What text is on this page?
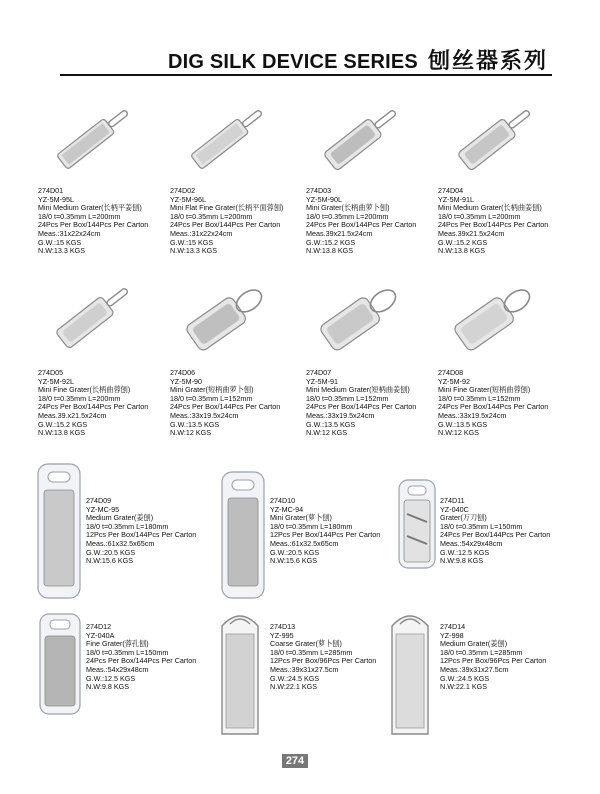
DIG SILK DEVICE SERIES 刨丝器系列
274D01
YZ-5M-95L
Mini Medium Grater(长柄平姜刨)
18/0 t=0.35mm L=200mm
24Pcs Per Box/144Pcs Per Carton
Meas.:31x22x24cm
G.W.:15 KGS
N.W:13.3 KGS
274D02
YZ-5M-96L
Mini Flat Fine Grater(长柄平面蓉刨)
18/0 t=0.35mm L=200mm
24Pcs Per Box/144Pcs Per Carton
Meas.:31x22x24cm
G.W.:15 KGS
N.W:13.3 KGS
274D03
YZ-5M-90L
Mini Grater(长柄曲萝卜刨)
18/0 t=0.35mm L=200mm
24Pcs Per Box/144Pcs Per Carton
Meas.39x21.5x24cm
G.W.:15.2 KGS
N.W:13.8 KGS
274D04
YZ-5M-91L
Mini Medium Grater(长柄曲姜刨)
18/0 t=0.35mm L=200mm
24Pcs Per Box/144Pcs Per Carton
Meas.39x21.5x24cm
G.W.:15.2 KGS
N.W:13.8 KGS
274D05
YZ-5M-92L
Mini Fine Grater(长柄曲蓉刨)
18/0 t=0.35mm L=200mm
24Pcs Per Box/144Pcs Per Carton
Meas.39.x21.5x24cm
G.W.:15.2 KGS
N.W:13.8 KGS
274D06
YZ-5M-90
Mini Grater(短柄曲萝卜刨)
18/0 t=0.35mm L=152mm
24Pcs Per Box/144Pcs Per Carton
Meas.:33x19.5x24cm
G.W.:13.5 KGS
N.W:12 KGS
274D07
YZ-5M-91
Mini Medium Grater(短柄曲姜刨)
18/0 t=0.35mm L=152mm
24Pcs Per Box/144Pcs Per Carton
Meas.:33x19.5x24cm
G.W.:13.5 KGS
N.W:12 KGS
274D08
YZ-5M-92
Mini Fine Grater(短柄曲蓉刨)
18/0 t=0.35mm L=152mm
24Pcs Per Box/144Pcs Per Carton
Meas.:33x19.5x24cm
G.W.:13.5 KGS
N.W:12 KGS
274D09
YZ-MC-95
Medium Grater(姜刨)
18/0 t=0.35mm L=180mm
12Pcs Per Box/144Pcs Per Carton
Meas.:61x32.5x65cm
G.W.:20.5 KGS
N.W:15.6 KGS
274D10
YZ-MC-94
Mini Grater(萝卜刨)
18/0 t=0.35mm L=180mm
12Pcs Per Box/144Pcs Per Carton
Meas.:61x32.5x65cm
G.W.:20.5 KGS
N.W:15.6 KGS
274D11
YZ-040C
Grater(万刀刨)
18/0 t=0.35mm L=150mm
24Pcs Per Box/144Pcs Per Carton
Meas.:54x29x48cm
G.W.:12.5 KGS
N.W:9.8 KGS
274D12
YZ-040A
Fine Grater(蓉孔刨)
18/0 t=0.35mm L=150mm
24Pcs Per Box/144Pcs Per Carton
Meas.:54x29x48cm
G.W.:12.5 KGS
N.W:9.8 KGS
274D13
YZ-995
Coarse Grater(萝卜刨)
18/0 t=0.35mm L=285mm
12Pcs Per Box/96Pcs Per Carton
Meas.:39x31x27.5cm
G.W.:24.5 KGS
N.W:22.1 KGS
274D14
YZ-998
Medium Grater(姜刨)
18/0 t=0.35mm L=285mm
12Pcs Per Box/96Pcs Per Carton
Meas.:39x31x27.5cm
G.W.:24.5 KGS
N.W:22.1 KGS
274
